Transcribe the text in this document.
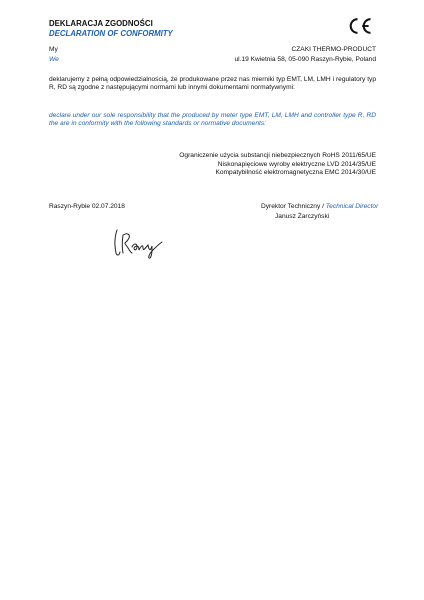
DEKLARACJA ZGODNOŚCI
DECLARATION OF CONFORMITY
My
We
CZAKI THERMO-PRODUCT
ul.19 Kwietnia 58, 05-090 Raszyn-Rybie, Poland
deklarujemy z pełną odpowiedzialnością, że produkowane przez nas mierniki typ EMT, LM, LMH i regulatory typ R, RD są zgodne z następującymi normami lub innymi dokumentami normatywnymi:
declare under our sole responsibility that the produced by meter type EMT, LM, LMH and controller type R, RD the are in conformity with the following standards or normative documents:
Ograniczenie użycia substancji niebezpiecznych RoHS 2011/65/UE
Niskonapięciowe wyroby elektryczne LVD 2014/35/UE
Kompatybilność elektromagnetyczna EMC 2014/30/UE
Raszyn-Rybie 02.07.2018	Dyrektor Techniczny / Technical Director
Janusz Żarczyński
